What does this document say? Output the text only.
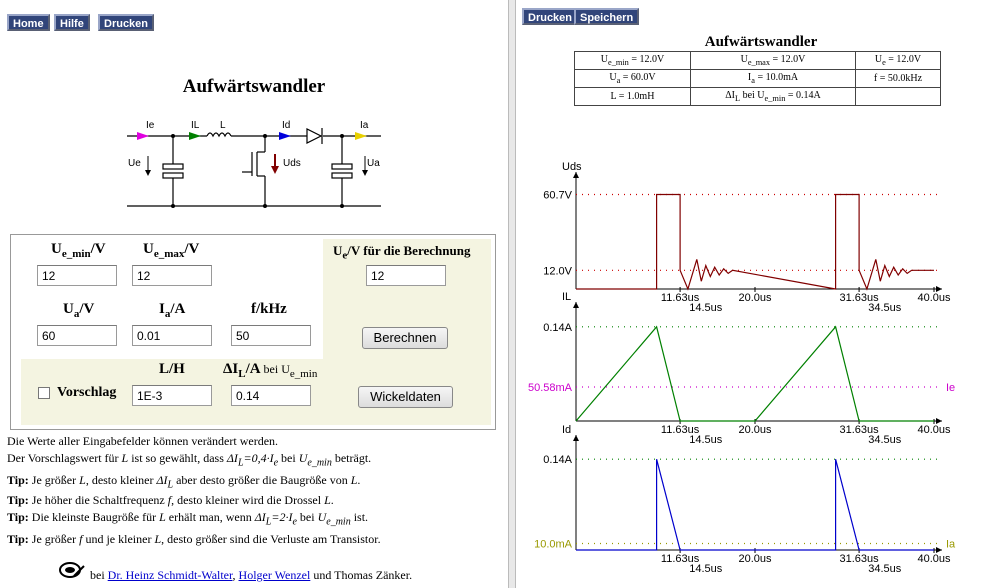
Home	Hilfe	Drucken
Aufwärtswandler
Ie	IL L	Id	Ia
Ue	Uds	Ua
$U_{e\_min}/V$ $U_{e\_max}/V$	$U_e/V$ für die Berechnung
12	12	12
$U_a/V$	$I_a/A$	f/kHz
60	0.01	50	Berechnen
L/H	$\Delta I_L/A$ bei $U_{e\_min}$
Vorschlag	1E-3	0.14	Wickeldaten
Die Werte aller Eingabefelder können verändert werden.
Der Vorschlagswert für L ist so gewählt, dass $\Delta I_L=0,4\cdot I_e$ bei $U_{e\_min}$ beträgt.
Tip: Je größer L, desto kleiner $\Delta I_L$ aber desto größer die Baugröße von L.
Tip: Je höher die Schaltfrequenz f, desto kleiner wird die Drossel L.
Tip: Die kleinste Baugröße für L erhält man, wenn $\Delta I_L=2\cdot I_e$ bei $U_{e\_min}$ ist.
Tip: Je größer f und je kleiner L, desto größer sind die Verluste am Transistor.
bei Dr. Heinz Schmidt-Walter, Holger Wenzel und Thomas Zänker.
Drucken Speichern
Aufwärtswandler
$U_{e\_min} = 12.0V$	$U_{e\_max} = 12.0V$	$U_e = 12.0V$
$U_a = 60.0V$	$I_a = 10.0mA$	f = 50.0kHz
L = 1.0mH	$\Delta I_L$ bei $U_{e\_min} = 0.14A$	
Uds
60.7V
12.0V
11.63us	20.0us	31.63us	40.0us
14.5us	34.5us
IL
0.14A
50.58mA	Ie
11.63us	20.0us	31.63us	40.0us
14.5us	34.5us
Id
0.14A
10.0mA	Ia
11.63us	20.0us	31.63us	40.0us
14.5us	34.5us
